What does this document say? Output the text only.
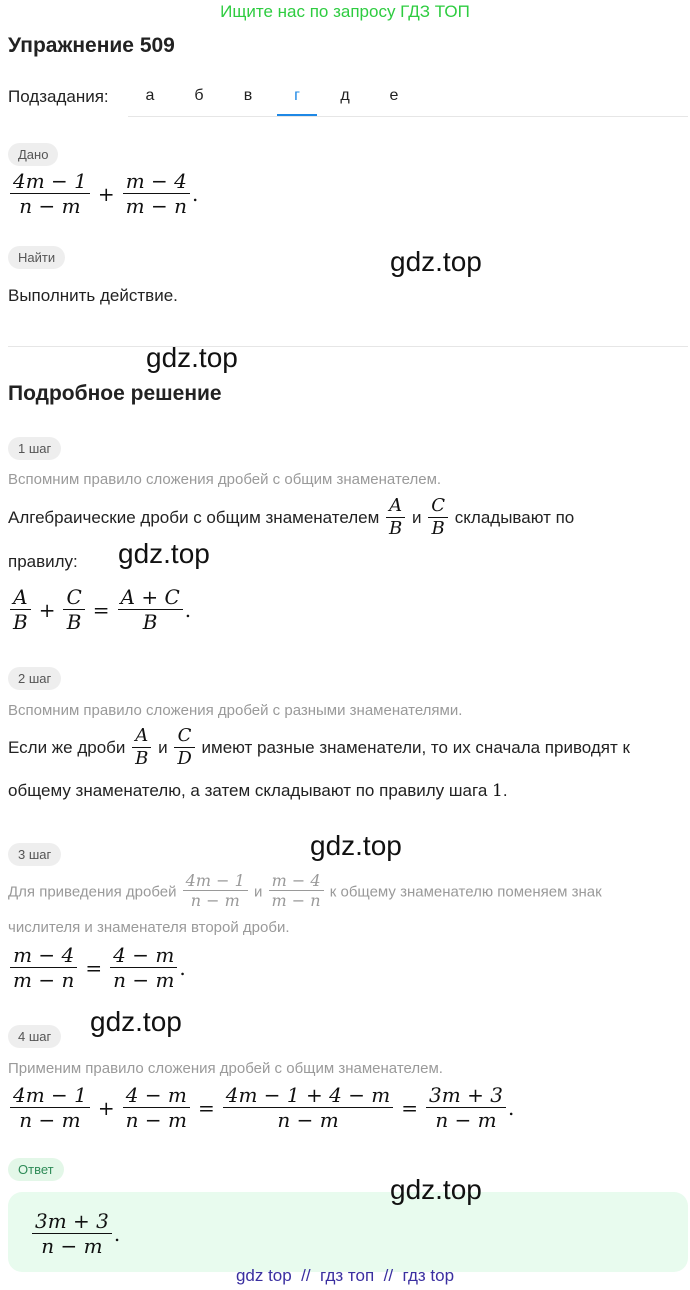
Ищите нас по запросу ГДЗ ТОП
Упражнение 509
Подзадания:	а	б	в	г	д	е
Дано
$\frac{4m - 1}{n - m} + \frac{m - 4}{m - n}$ .
Найти	gdz.top
Выполнить действие.
gdz.top
Подробное решение
1 шаг
Вспомним правило сложения дробей с общим знаменателем.
Алгебраические дроби с общим знаменателем $\frac{A}{B}$ и $\frac{C}{B}$ складывают по
правилу: gdz.top
$\frac{A}{B} + \frac{C}{B} = \frac{A + C}{B}$ .
2 шаг
Вспомним правило сложения дробей с разными знаменателями.
Если же дроби $\frac{A}{B}$ и $\frac{C}{D}$ имеют разные знаменатели, то их сначала приводят к
общему знаменателю, а затем складывают по правилу шага 1.
gdz.top
3 шаг
Для приведения дробей $\frac{4m - 1}{n - m}$ и $\frac{m - 4}{m - n}$ к общему знаменателю поменяем знак
числителя и знаменателя второй дроби.
$\frac{m - 4}{m - n} = \frac{4 - m}{n - m}$ .
4 шаг	gdz.top
Применим правило сложения дробей с общим знаменателем.
$\frac{4m - 1}{n - m} + \frac{4 - m}{n - m} = \frac{4m - 1 + 4 - m}{n - m} = \frac{3m + 3}{n - m}$ .
Ответ
gdz.top
$\frac{3m + 3}{n - m}$ .
gdz top  //  гдз топ  //  гдз top
